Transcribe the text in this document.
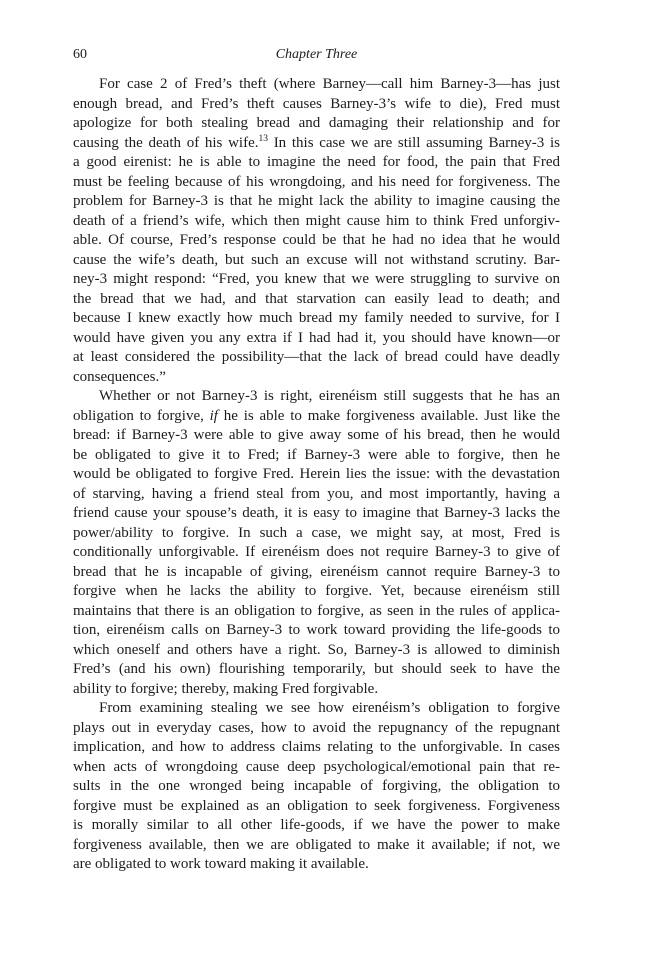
60	Chapter Three

For case 2 of Fred’s theft (where Barney—call him Barney-3—has just
enough bread, and Fred’s theft causes Barney-3’s wife to die), Fred must
apologize for both stealing bread and damaging their relationship and for
causing the death of his wife.$^{13}$ In this case we are still assuming Barney-3 is
a good eirenist: he is able to imagine the need for food, the pain that Fred
must be feeling because of his wrongdoing, and his need for forgiveness. The
problem for Barney-3 is that he might lack the ability to imagine causing the
death of a friend’s wife, which then might cause him to think Fred unforgiv-
able. Of course, Fred’s response could be that he had no idea that he would
cause the wife’s death, but such an excuse will not withstand scrutiny. Bar-
ney-3 might respond: “Fred, you knew that we were struggling to survive on
the bread that we had, and that starvation can easily lead to death; and
because I knew exactly how much bread my family needed to survive, for I
would have given you any extra if I had had it, you should have known—or
at least considered the possibility—that the lack of bread could have deadly
consequences.”

Whether or not Barney-3 is right, eirenéism still suggests that he has an
obligation to forgive, if he is able to make forgiveness available. Just like the
bread: if Barney-3 were able to give away some of his bread, then he would
be obligated to give it to Fred; if Barney-3 were able to forgive, then he
would be obligated to forgive Fred. Herein lies the issue: with the devastation
of starving, having a friend steal from you, and most importantly, having a
friend cause your spouse’s death, it is easy to imagine that Barney-3 lacks the
power/ability to forgive. In such a case, we might say, at most, Fred is
conditionally unforgivable. If eirenéism does not require Barney-3 to give of
bread that he is incapable of giving, eirenéism cannot require Barney-3 to
forgive when he lacks the ability to forgive. Yet, because eirenéism still
maintains that there is an obligation to forgive, as seen in the rules of applica-
tion, eirenéism calls on Barney-3 to work toward providing the life-goods to
which oneself and others have a right. So, Barney-3 is allowed to diminish
Fred’s (and his own) flourishing temporarily, but should seek to have the
ability to forgive; thereby, making Fred forgivable.

From examining stealing we see how eirenéism’s obligation to forgive
plays out in everyday cases, how to avoid the repugnancy of the repugnant
implication, and how to address claims relating to the unforgivable. In cases
when acts of wrongdoing cause deep psychological/emotional pain that re-
sults in the one wronged being incapable of forgiving, the obligation to
forgive must be explained as an obligation to seek forgiveness. Forgiveness
is morally similar to all other life-goods, if we have the power to make
forgiveness available, then we are obligated to make it available; if not, we
are obligated to work toward making it available.
